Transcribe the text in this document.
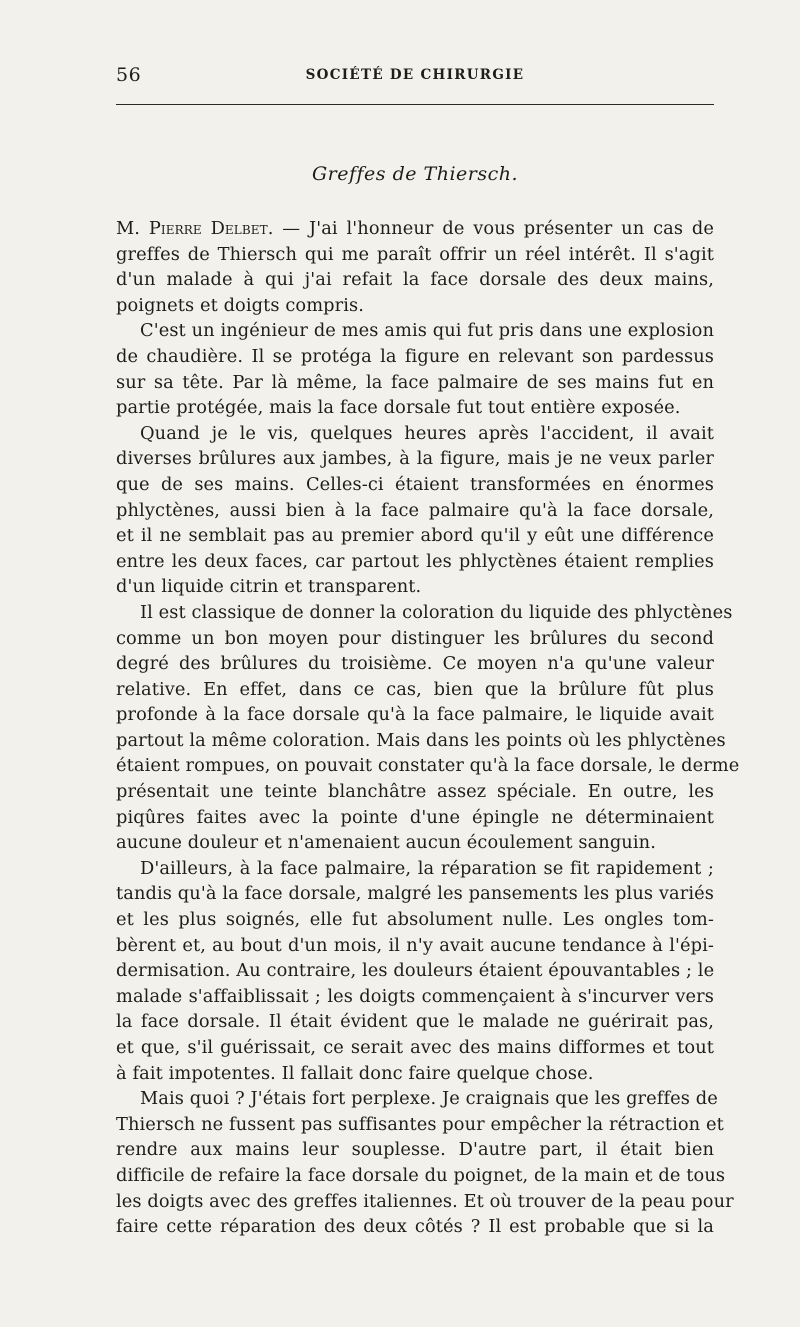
56	SOCIÉTÉ DE CHIRURGIE
Greffes de Thiersch.
M. Pierre Delbet. — J'ai l'honneur de vous présenter un cas de
greffes de Thiersch qui me paraît offrir un réel intérêt. Il s'agit
d'un malade à qui j'ai refait la face dorsale des deux mains,
poignets et doigts compris.
C'est un ingénieur de mes amis qui fut pris dans une explosion
de chaudière. Il se protéga la figure en relevant son pardessus
sur sa tête. Par là même, la face palmaire de ses mains fut en
partie protégée, mais la face dorsale fut tout entière exposée.
Quand je le vis, quelques heures après l'accident, il avait
diverses brûlures aux jambes, à la figure, mais je ne veux parler
que de ses mains. Celles-ci étaient transformées en énormes
phlyctènes, aussi bien à la face palmaire qu'à la face dorsale,
et il ne semblait pas au premier abord qu'il y eût une différence
entre les deux faces, car partout les phlyctènes étaient remplies
d'un liquide citrin et transparent.
Il est classique de donner la coloration du liquide des phlyctènes
comme un bon moyen pour distinguer les brûlures du second
degré des brûlures du troisième. Ce moyen n'a qu'une valeur
relative. En effet, dans ce cas, bien que la brûlure fût plus
profonde à la face dorsale qu'à la face palmaire, le liquide avait
partout la même coloration. Mais dans les points où les phlyctènes
étaient rompues, on pouvait constater qu'à la face dorsale, le derme
présentait une teinte blanchâtre assez spéciale. En outre, les
piqûres faites avec la pointe d'une épingle ne déterminaient
aucune douleur et n'amenaient aucun écoulement sanguin.
D'ailleurs, à la face palmaire, la réparation se fit rapidement ;
tandis qu'à la face dorsale, malgré les pansements les plus variés
et les plus soignés, elle fut absolument nulle. Les ongles tom-
bèrent et, au bout d'un mois, il n'y avait aucune tendance à l'épi-
dermisation. Au contraire, les douleurs étaient épouvantables ; le
malade s'affaiblissait ; les doigts commençaient à s'incurver vers
la face dorsale. Il était évident que le malade ne guérirait pas,
et que, s'il guérissait, ce serait avec des mains difformes et tout
à fait impotentes. Il fallait donc faire quelque chose.
Mais quoi ? J'étais fort perplexe. Je craignais que les greffes de
Thiersch ne fussent pas suffisantes pour empêcher la rétraction et
rendre aux mains leur souplesse. D'autre part, il était bien
difficile de refaire la face dorsale du poignet, de la main et de tous
les doigts avec des greffes italiennes. Et où trouver de la peau pour
faire cette réparation des deux côtés ? Il est probable que si la
